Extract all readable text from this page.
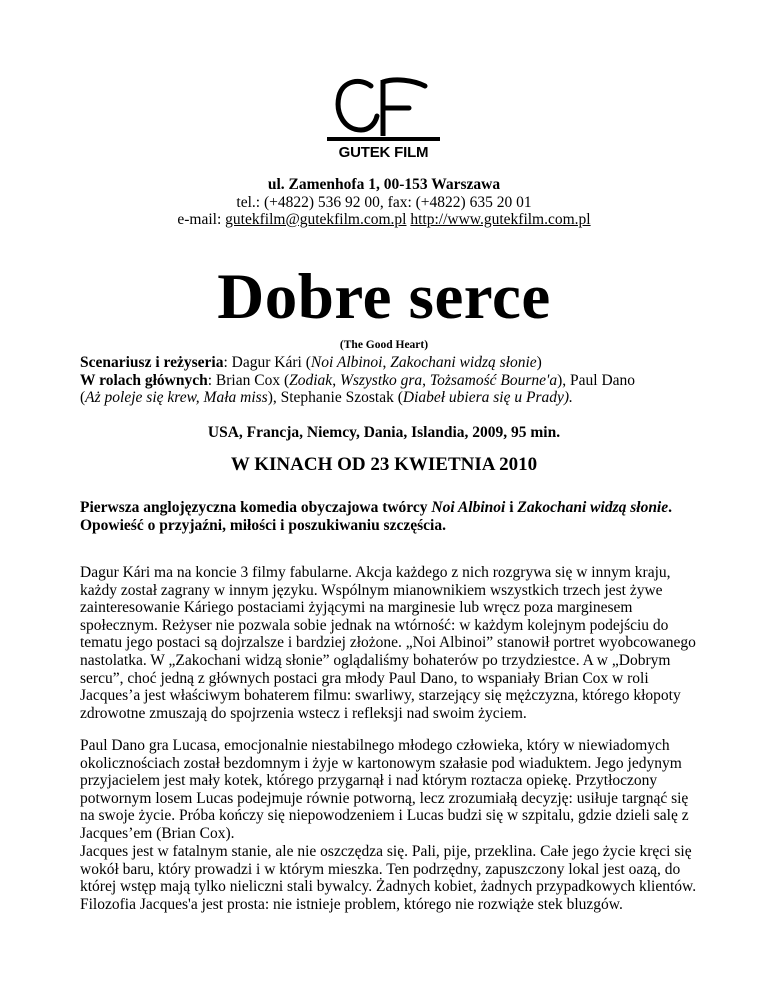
GUTEK FILM
ul. Zamenhofa 1, 00-153 Warszawa
tel.: (+4822) 536 92 00, fax: (+4822) 635 20 01
e-mail: gutekfilm@gutekfilm.com.pl http://www.gutekfilm.com.pl
Dobre serce
(The Good Heart)
Scenariusz i reżyseria: Dagur Kári (Noi Albinoi, Zakochani widzą słonie)
W rolach głównych: Brian Cox (Zodiak, Wszystko gra, Tożsamość Bourne'a), Paul Dano
(Aż poleje się krew, Mała miss), Stephanie Szostak (Diabeł ubiera się u Prady).
USA, Francja, Niemcy, Dania, Islandia, 2009, 95 min.
W KINACH OD 23 KWIETNIA 2010
Pierwsza anglojęzyczna komedia obyczajowa twórcy Noi Albinoi i Zakochani widzą słonie.
Opowieść o przyjaźni, miłości i poszukiwaniu szczęścia.
Dagur Kári ma na koncie 3 filmy fabularne. Akcja każdego z nich rozgrywa się w innym kraju, każdy został zagrany w innym języku. Wspólnym mianownikiem wszystkich trzech jest żywe zainteresowanie Káriego postaciami żyjącymi na marginesie lub wręcz poza marginesem społecznym. Reżyser nie pozwala sobie jednak na wtórność: w każdym kolejnym podejściu do tematu jego postaci są dojrzalsze i bardziej złożone. „Noi Albinoi” stanowił portret wyobcowanego nastolatka. W „Zakochani widzą słonie” oglądaliśmy bohaterów po trzydziestce. A w „Dobrym sercu”, choć jedną z głównych postaci gra młody Paul Dano, to wspaniały Brian Cox w roli Jacques’a jest właściwym bohaterem filmu: swarliwy, starzejący się mężczyzna, którego kłopoty zdrowotne zmuszają do spojrzenia wstecz i refleksji nad swoim życiem.
Paul Dano gra Lucasa, emocjonalnie niestabilnego młodego człowieka, który w niewiadomych okolicznościach został bezdomnym i żyje w kartonowym szałasie pod wiaduktem. Jego jedynym przyjacielem jest mały kotek, którego przygarnął i nad którym roztacza opiekę. Przytłoczony potwornym losem Lucas podejmuje równie potworną, lecz zrozumiałą decyzję: usiłuje targnąć się na swoje życie. Próba kończy się niepowodzeniem i Lucas budzi się w szpitalu, gdzie dzieli salę z Jacques’em (Brian Cox).
Jacques jest w fatalnym stanie, ale nie oszczędza się. Pali, pije, przeklina. Całe jego życie kręci się wokół baru, który prowadzi i w którym mieszka. Ten podrzędny, zapuszczony lokal jest oazą, do której wstęp mają tylko nieliczni stali bywalcy. Żadnych kobiet, żadnych przypadkowych klientów. Filozofia Jacques'a jest prosta: nie istnieje problem, którego nie rozwiąże stek bluzgów.
